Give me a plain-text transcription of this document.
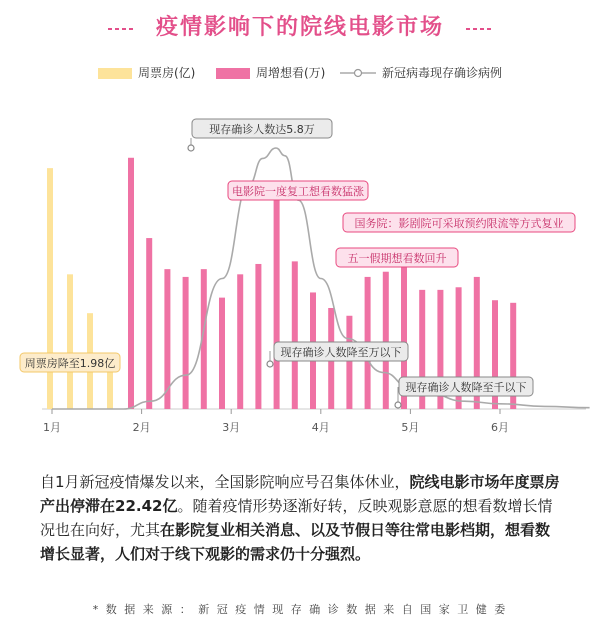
疫情影响下的院线电影市场
周票房(亿)	周增想看(万)	新冠病毒现存确诊病例
1月	2月	3月	4月	5月	6月
现存确诊人数达5.8万
电影院一度复工想看数猛涨
国务院：影剧院可采取预约限流等方式复业
五一假期想看数回升
现存确诊人数降至万以下
现存确诊人数降至千以下
周票房降至1.98亿
自1月新冠疫情爆发以来，全国影院响应号召集体休业，院线电影市场年度票房产出停滞在22.42亿。随着疫情形势逐渐好转，反映观影意愿的想看数增长情况也在向好，尤其在影院复业相关消息、以及节假日等往常电影档期，想看数增长显著，人们对于线下观影的需求仍十分强烈。
* 数 据 来 源 ： 新 冠 疫 情 现 存 确 诊 数 据 来 自 国 家 卫 健 委
